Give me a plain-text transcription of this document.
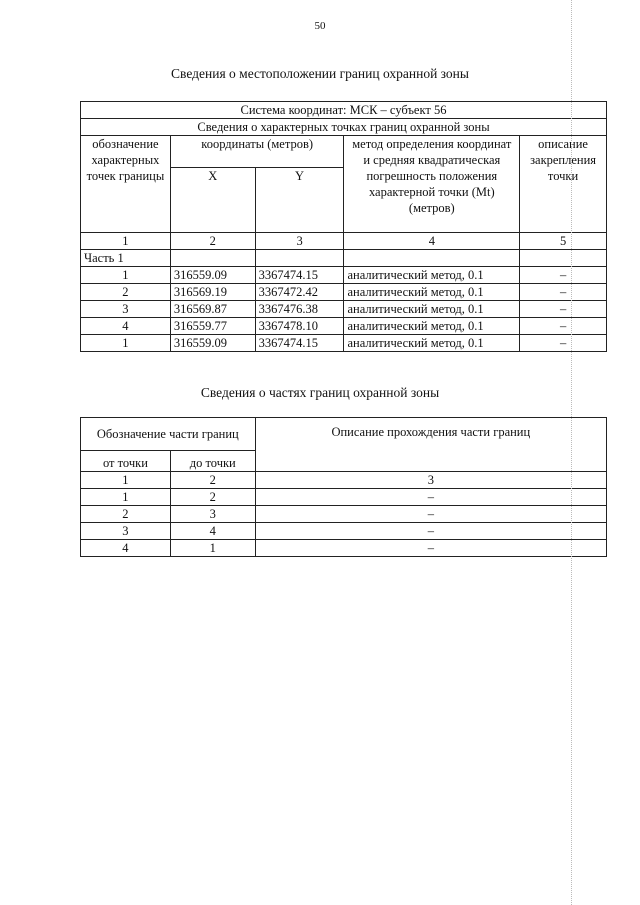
50
Сведения о местоположении границ охранной зоны
Система координат: МСК – субъект 56				
Сведения о характерных точках границ охранной зоны				
обозначение характерных точек границы	координаты (метров)		метод определения координат и средняя квадратическая погрешность положения характерной точки (Mt) (метров)	описание закрепления точки
	X	Y		
1	2	3	4	5
Часть 1				
1	316559.09	3367474.15	аналитический метод, 0.1	–
2	316569.19	3367472.42	аналитический метод, 0.1	–
3	316569.87	3367476.38	аналитический метод, 0.1	–
4	316559.77	3367478.10	аналитический метод, 0.1	–
1	316559.09	3367474.15	аналитический метод, 0.1	–
Сведения о частях границ охранной зоны
Обозначение части границ		Описание прохождения части границ
от точки	до точки	
1	2	3
1	2	–
2	3	–
3	4	–
4	1	–
